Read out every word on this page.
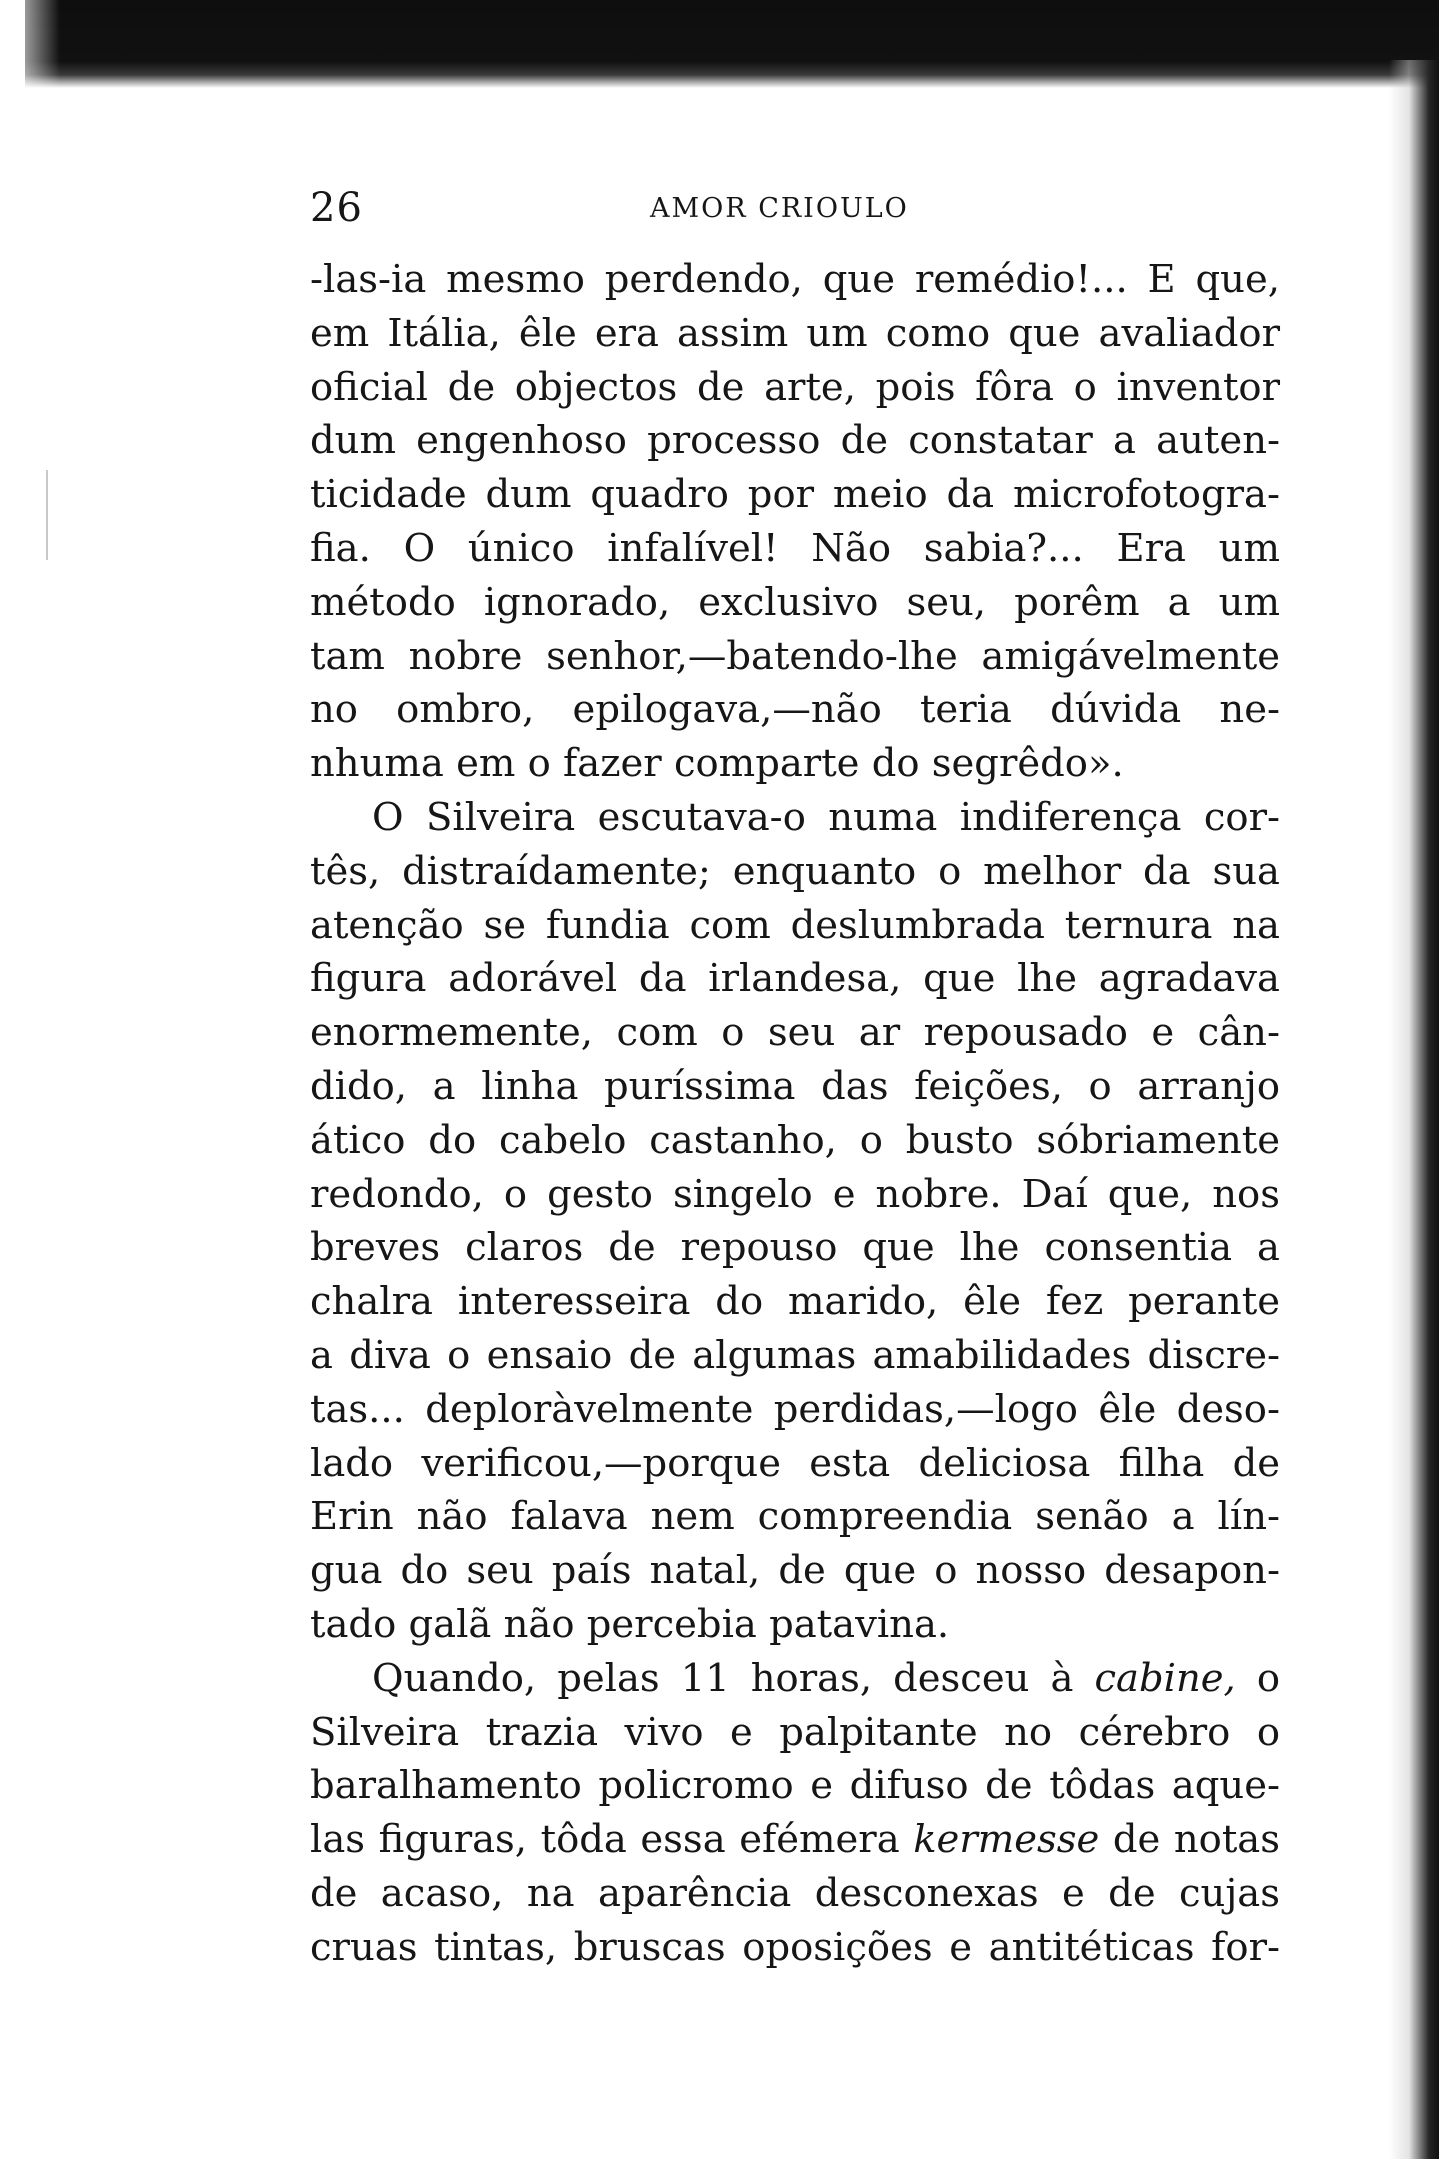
26	AMOR CRIOULO

-las-ia mesmo perdendo, que remédio!... E que,

em Itália, êle era assim um como que avaliador

oficial de objectos de arte, pois fôra o inventor

dum engenhoso processo de constatar a auten-

ticidade dum quadro por meio da microfotogra-

fia. O único infalível! Não sabia?... Era um

método ignorado, exclusivo seu, porêm a um

tam nobre senhor,—batendo-lhe amigávelmente

no ombro, epilogava,—não teria dúvida ne-

nhuma em o fazer comparte do segrêdo».

O Silveira escutava-o numa indiferença cor-

tês, distraídamente; enquanto o melhor da sua

atenção se fundia com deslumbrada ternura na

figura adorável da irlandesa, que lhe agradava

enormemente, com o seu ar repousado e cân-

dido, a linha puríssima das feições, o arranjo

ático do cabelo castanho, o busto sóbriamente

redondo, o gesto singelo e nobre. Daí que, nos

breves claros de repouso que lhe consentia a

chalra interesseira do marido, êle fez perante

a diva o ensaio de algumas amabilidades discre-

tas... deploràvelmente perdidas,—logo êle deso-

lado verificou,—porque esta deliciosa filha de

Erin não falava nem compreendia senão a lín-

gua do seu país natal, de que o nosso desapon-

tado galã não percebia patavina.

Quando, pelas 11 horas, desceu à cabine, o

Silveira trazia vivo e palpitante no cérebro o

baralhamento policromo e difuso de tôdas aque-

las figuras, tôda essa efémera kermesse de notas

de acaso, na aparência desconexas e de cujas

cruas tintas, bruscas oposições e antitéticas for-
